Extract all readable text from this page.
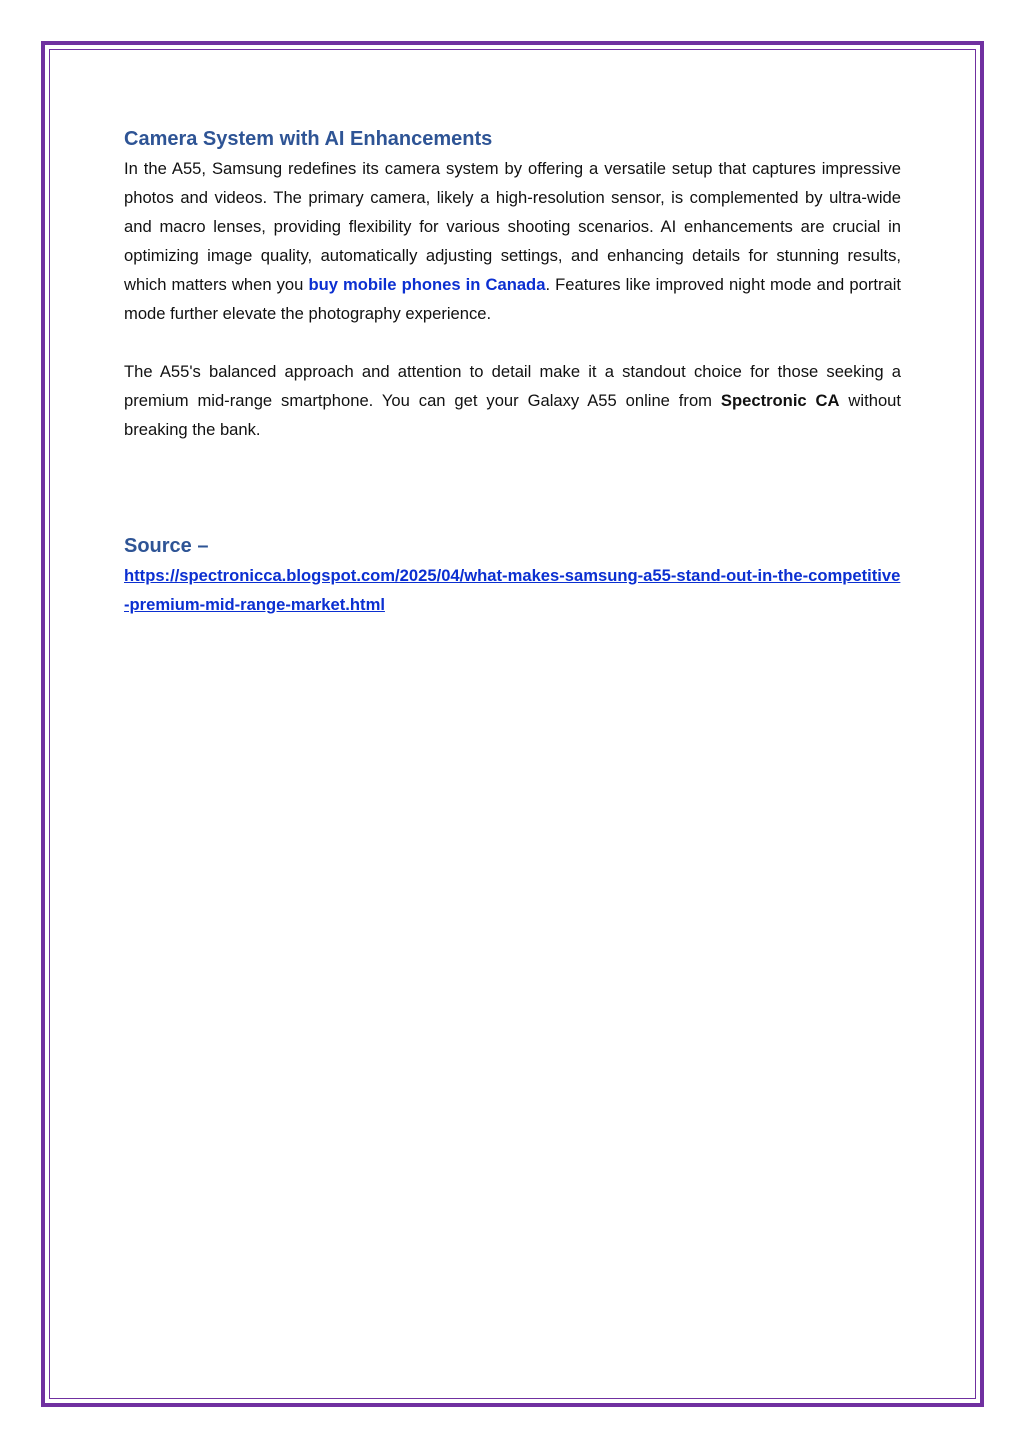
Camera System with AI Enhancements

In the A55, Samsung redefines its camera system by offering a versatile setup that captures impressive photos and videos. The primary camera, likely a high-resolution sensor, is complemented by ultra-wide and macro lenses, providing flexibility for various shooting scenarios. AI enhancements are crucial in optimizing image quality, automatically adjusting settings, and enhancing details for stunning results, which matters when you buy mobile phones in Canada. Features like improved night mode and portrait mode further elevate the photography experience.

The A55's balanced approach and attention to detail make it a standout choice for those seeking a premium mid-range smartphone. You can get your Galaxy A55 online from Spectronic CA without breaking the bank.

Source –
https://spectronicca.blogspot.com/2025/04/what-makes-samsung-a55-stand-out-in-the-competitive-premium-mid-range-market.html
